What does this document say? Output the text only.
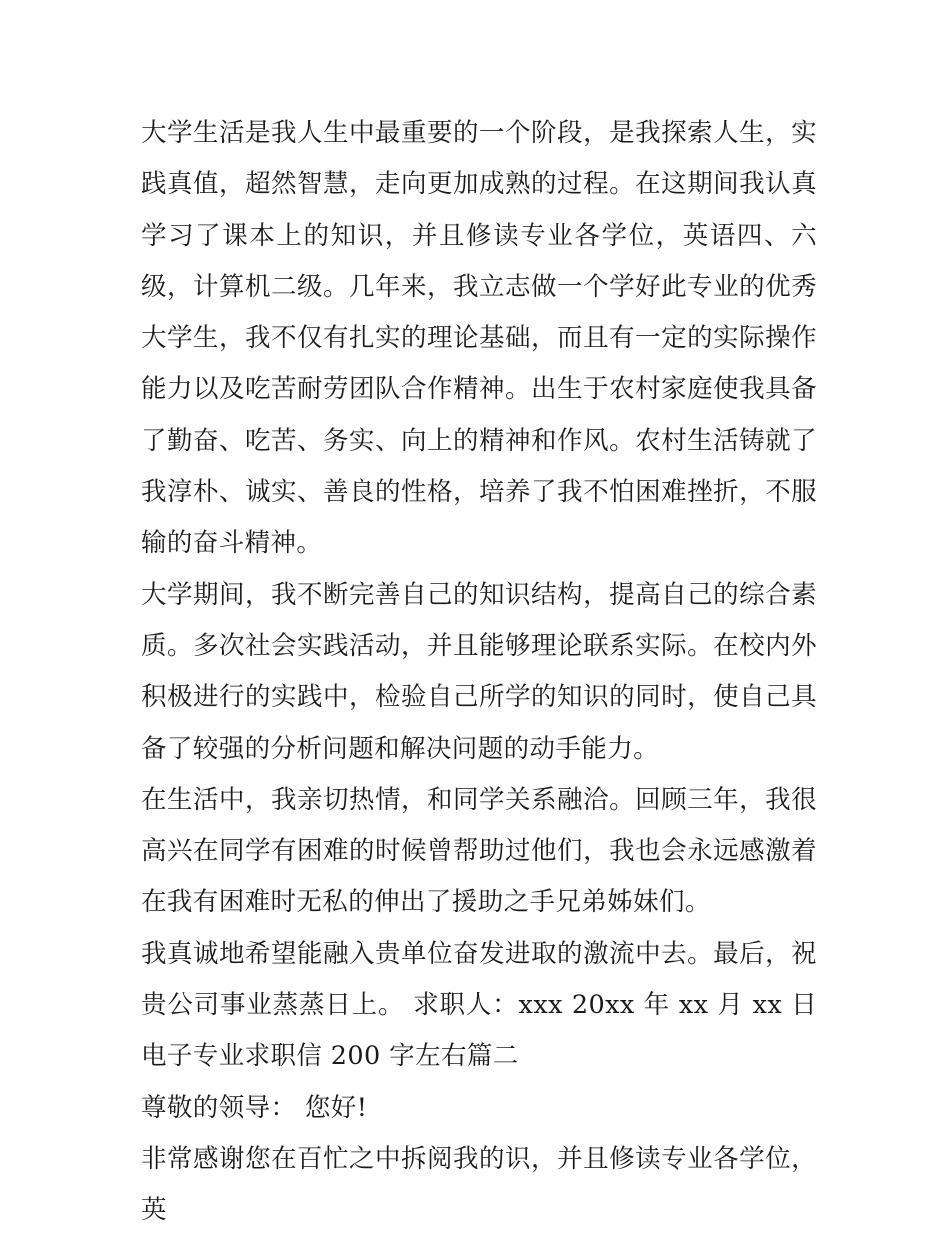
大学生活是我人生中最重要的一个阶段，是我探索人生，实践真值，超然智慧，走向更加成熟的过程。在这期间我认真学习了课本上的知识，并且修读专业各学位，英语四、六级，计算机二级。几年来，我立志做一个学好此专业的优秀大学生，我不仅有扎实的理论基础，而且有一定的实际操作能力以及吃苦耐劳团队合作精神。出生于农村家庭使我具备了勤奋、吃苦、务实、向上的精神和作风。农村生活铸就了我淳朴、诚实、善良的性格，培养了我不怕困难挫折，不服输的奋斗精神。

大学期间，我不断完善自己的知识结构，提高自己的综合素质。多次社会实践活动，并且能够理论联系实际。在校内外积极进行的实践中，检验自己所学的知识的同时，使自己具备了较强的分析问题和解决问题的动手能力。

在生活中，我亲切热情，和同学关系融洽。回顾三年，我很高兴在同学有困难的时候曾帮助过他们，我也会永远感激着在我有困难时无私的伸出了援助之手兄弟姊妹们。

我真诚地希望能融入贵单位奋发进取的激流中去。最后，祝贵公司事业蒸蒸日上。 求职人：xxx 20xx 年 xx 月 xx 日 电子专业求职信 200 字左右篇二

尊敬的领导： 您好!

非常感谢您在百忙之中拆阅我的识，并且修读专业各学位，英
